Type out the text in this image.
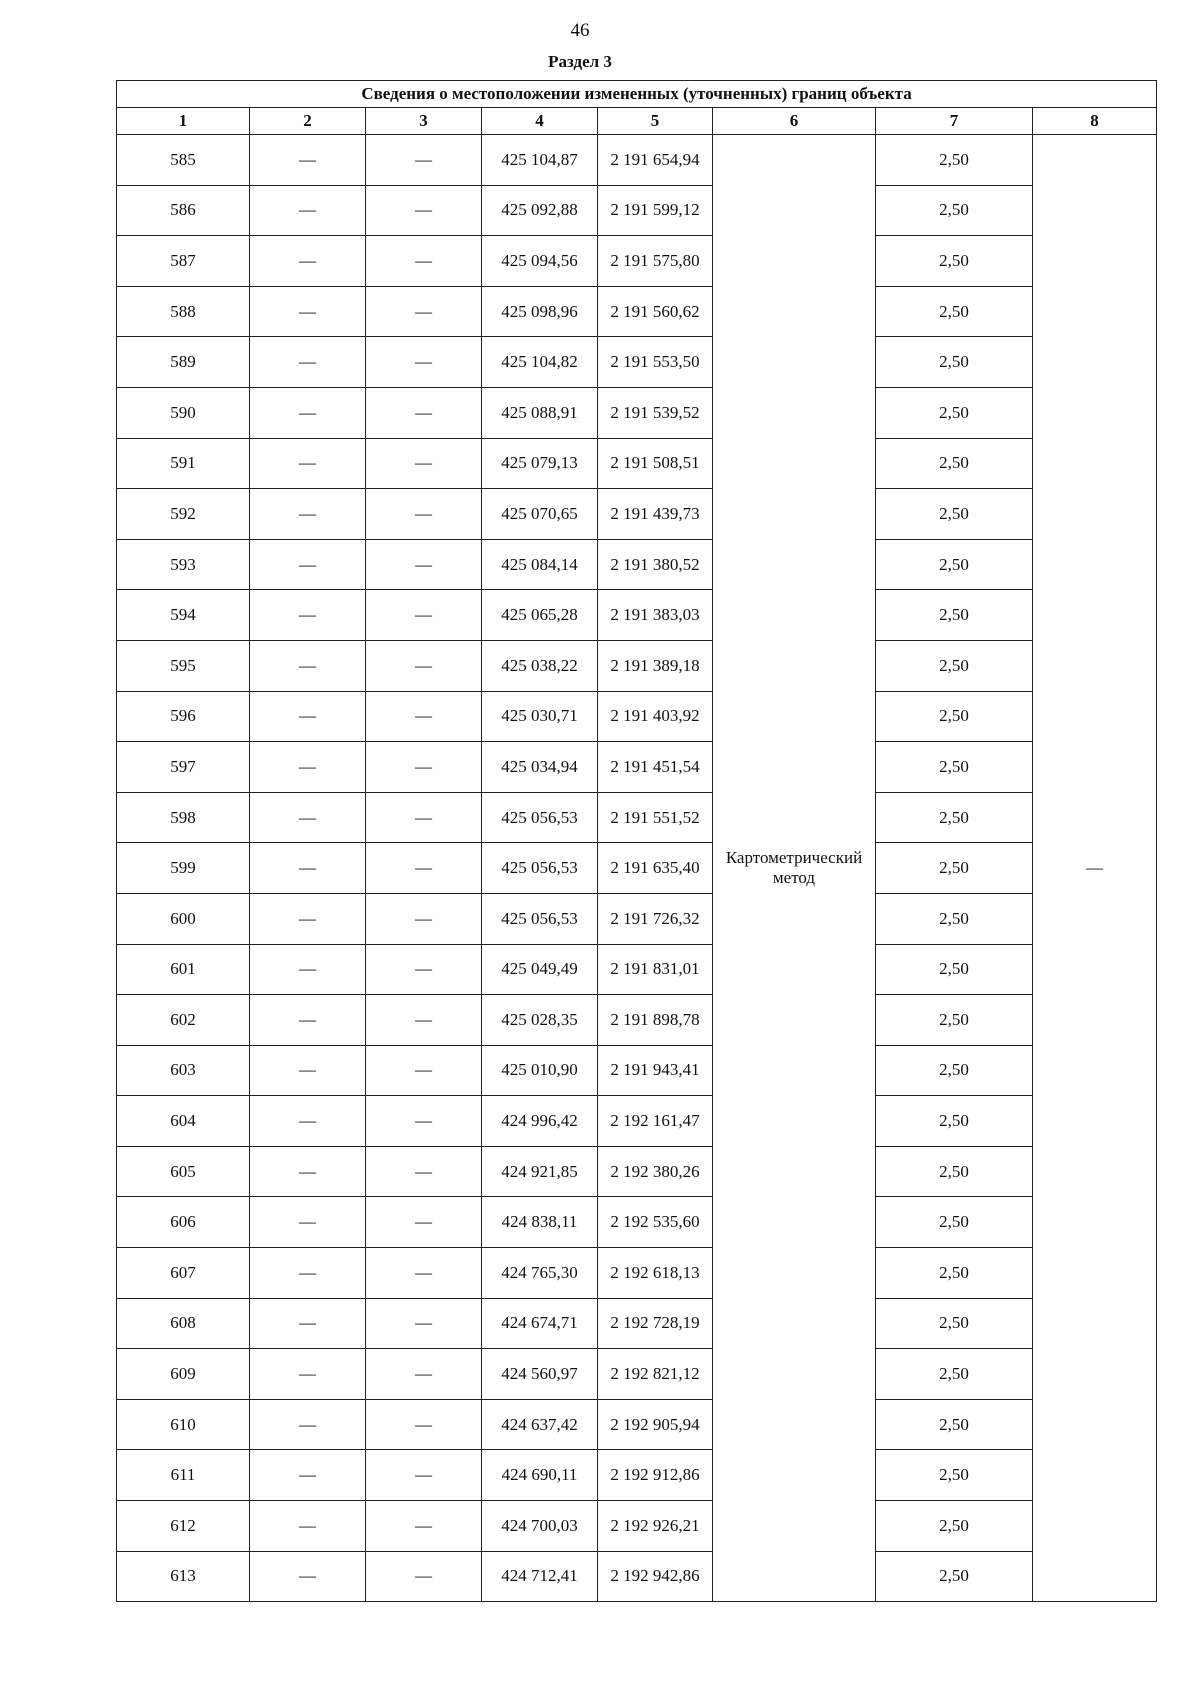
46
Раздел 3
Сведения о местоположении измененных (уточненных) границ объекта							
1	2	3	4	5	6	7	8
585	—	—	425 104,87	2 191 654,94	Картометрический метод	2,50	—
586	—	—	425 092,88	2 191 599,12		2,50	
587	—	—	425 094,56	2 191 575,80		2,50	
588	—	—	425 098,96	2 191 560,62		2,50	
589	—	—	425 104,82	2 191 553,50		2,50	
590	—	—	425 088,91	2 191 539,52		2,50	
591	—	—	425 079,13	2 191 508,51		2,50	
592	—	—	425 070,65	2 191 439,73		2,50	
593	—	—	425 084,14	2 191 380,52		2,50	
594	—	—	425 065,28	2 191 383,03		2,50	
595	—	—	425 038,22	2 191 389,18		2,50	
596	—	—	425 030,71	2 191 403,92		2,50	
597	—	—	425 034,94	2 191 451,54		2,50	
598	—	—	425 056,53	2 191 551,52		2,50	
599	—	—	425 056,53	2 191 635,40		2,50	
600	—	—	425 056,53	2 191 726,32		2,50	
601	—	—	425 049,49	2 191 831,01		2,50	
602	—	—	425 028,35	2 191 898,78		2,50	
603	—	—	425 010,90	2 191 943,41		2,50	
604	—	—	424 996,42	2 192 161,47		2,50	
605	—	—	424 921,85	2 192 380,26		2,50	
606	—	—	424 838,11	2 192 535,60		2,50	
607	—	—	424 765,30	2 192 618,13		2,50	
608	—	—	424 674,71	2 192 728,19		2,50	
609	—	—	424 560,97	2 192 821,12		2,50	
610	—	—	424 637,42	2 192 905,94		2,50	
611	—	—	424 690,11	2 192 912,86		2,50	
612	—	—	424 700,03	2 192 926,21		2,50	
613	—	—	424 712,41	2 192 942,86		2,50	
